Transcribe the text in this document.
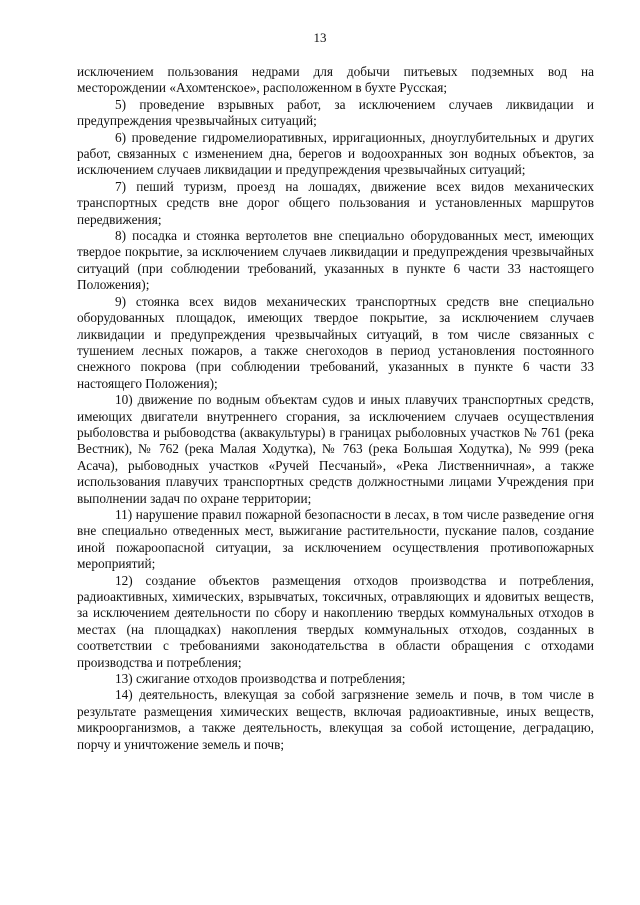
13

исключением пользования недрами для добычи питьевых подземных вод на месторождении «Ахомтенское», расположенном в бухте Русская;

5) проведение взрывных работ, за исключением случаев ликвидации и предупреждения чрезвычайных ситуаций;

6) проведение гидромелиоративных, ирригационных, дноуглубительных и других работ, связанных с изменением дна, берегов и водоохранных зон водных объектов, за исключением случаев ликвидации и предупреждения чрезвычайных ситуаций;

7) пеший туризм, проезд на лошадях, движение всех видов механических транспортных средств вне дорог общего пользования и установленных маршрутов передвижения;

8) посадка и стоянка вертолетов вне специально оборудованных мест, имеющих твердое покрытие, за исключением случаев ликвидации и предупреждения чрезвычайных ситуаций (при соблюдении требований, указанных в пункте 6 части 33 настоящего Положения);

9) стоянка всех видов механических транспортных средств вне специально оборудованных площадок, имеющих твердое покрытие, за исключением случаев ликвидации и предупреждения чрезвычайных ситуаций, в том числе связанных с тушением лесных пожаров, а также снегоходов в период установления постоянного снежного покрова (при соблюдении требований, указанных в пункте 6 части 33 настоящего Положения);

10) движение по водным объектам судов и иных плавучих транспортных средств, имеющих двигатели внутреннего сгорания, за исключением случаев осуществления рыболовства и рыбоводства (аквакультуры) в границах рыболовных участков № 761 (река Вестник), № 762 (река Малая Ходутка), № 763 (река Большая Ходутка), № 999 (река Асача), рыбоводных участков «Ручей Песчаный», «Река Лиственничная», а также использования плавучих транспортных средств должностными лицами Учреждения при выполнении задач по охране территории;

11) нарушение правил пожарной безопасности в лесах, в том числе разведение огня вне специально отведенных мест, выжигание растительности, пускание палов, создание иной пожароопасной ситуации, за исключением осуществления противопожарных мероприятий;

12) создание объектов размещения отходов производства и потребления, радиоактивных, химических, взрывчатых, токсичных, отравляющих и ядовитых веществ, за исключением деятельности по сбору и накоплению твердых коммунальных отходов в местах (на площадках) накопления твердых коммунальных отходов, созданных в соответствии с требованиями законодательства в области обращения с отходами производства и потребления;

13) сжигание отходов производства и потребления;

14) деятельность, влекущая за собой загрязнение земель и почв, в том числе в результате размещения химических веществ, включая радиоактивные, иных веществ, микроорганизмов, а также деятельность, влекущая за собой истощение, деградацию, порчу и уничтожение земель и почв;
